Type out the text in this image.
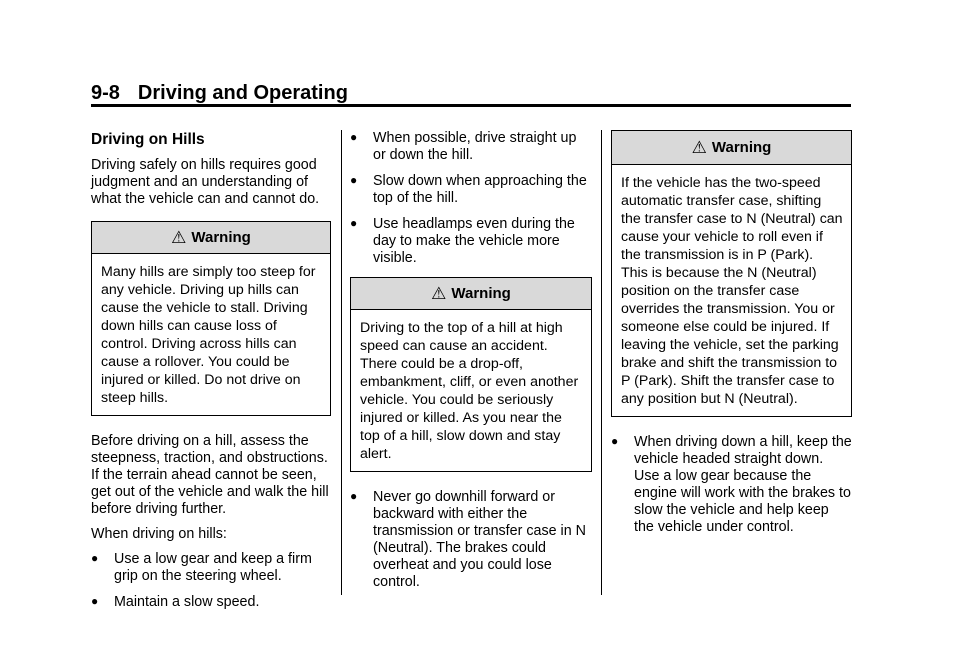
9-8 Driving and Operating
Driving on Hills

Driving safely on hills requires good judgment and an understanding of what the vehicle can and cannot do.

⚠ Warning
Many hills are simply too steep for any vehicle. Driving up hills can cause the vehicle to stall. Driving down hills can cause loss of control. Driving across hills can cause a rollover. You could be injured or killed. Do not drive on steep hills.

Before driving on a hill, assess the steepness, traction, and obstructions. If the terrain ahead cannot be seen, get out of the vehicle and walk the hill before driving further.

When driving on hills:

● Use a low gear and keep a firm grip on the steering wheel.
● Maintain a slow speed.
● When possible, drive straight up or down the hill.
● Slow down when approaching the top of the hill.
● Use headlamps even during the day to make the vehicle more visible.
⚠ Warning
Driving to the top of a hill at high speed can cause an accident. There could be a drop-off, embankment, cliff, or even another vehicle. You could be seriously injured or killed. As you near the top of a hill, slow down and stay alert.
● Never go downhill forward or backward with either the transmission or transfer case in N (Neutral). The brakes could overheat and you could lose control.
⚠ Warning
If the vehicle has the two-speed automatic transfer case, shifting the transfer case to N (Neutral) can cause your vehicle to roll even if the transmission is in P (Park). This is because the N (Neutral) position on the transfer case overrides the transmission. You or someone else could be injured. If leaving the vehicle, set the parking brake and shift the transmission to P (Park). Shift the transfer case to any position but N (Neutral).
● When driving down a hill, keep the vehicle headed straight down. Use a low gear because the engine will work with the brakes to slow the vehicle and help keep the vehicle under control.
